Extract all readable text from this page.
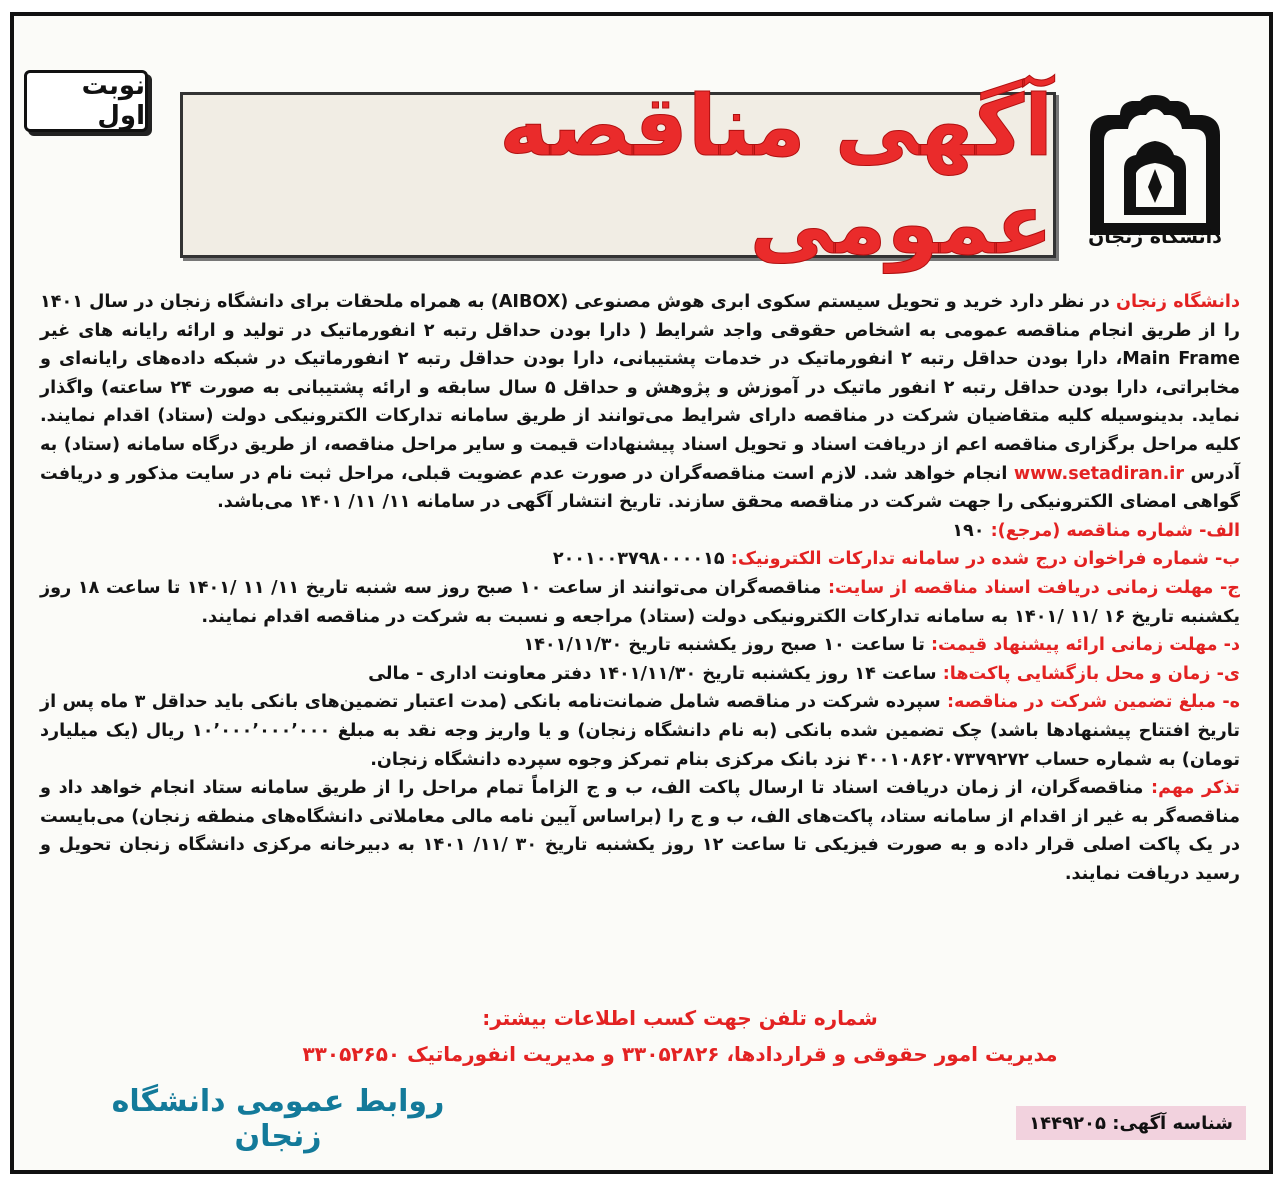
نوبت اول	آگهی مناقصه عمومی	دانشگاه زنجان

دانشگاه زنجان در نظر دارد خرید و تحویل سیستم سکوی ابری هوش مصنوعی (AIBOX) به همراه ملحقات برای دانشگاه زنجان در سال ۱۴۰۱ را از طریق انجام مناقصه عمومی به اشخاص حقوقی واجد شرایط ( دارا بودن حداقل رتبه ۲ انفورماتیک در تولید و ارائه رایانه های غیر Main Frame، دارا بودن حداقل رتبه ۲ انفورماتیک در خدمات پشتیبانی، دارا بودن حداقل رتبه ۲ انفورماتیک در شبکه داده‌های رایانه‌ای و مخابراتی، دارا بودن حداقل رتبه ۲ انفور ماتیک در آموزش و پژوهش و حداقل ۵ سال سابقه و ارائه پشتیبانی به صورت ۲۴ ساعته) واگذار نماید. بدینوسیله کلیه متقاضیان شرکت در مناقصه دارای شرایط می‌توانند از طریق سامانه تدارکات الکترونیکی دولت (ستاد) اقدام نمایند. کلیه مراحل برگزاری مناقصه اعم از دریافت اسناد و تحویل اسناد پیشنهادات قیمت و سایر مراحل مناقصه، از طریق درگاه سامانه (ستاد) به آدرس www.setadiran.ir انجام خواهد شد. لازم است مناقصه‌گران در صورت عدم عضویت قبلی، مراحل ثبت نام در سایت مذکور و دریافت گواهی امضای الکترونیکی را جهت شرکت در مناقصه محقق سازند. تاریخ انتشار آگهی در سامانه ۱۱/ ۱۱/ ۱۴۰۱ می‌باشد.

الف- شماره مناقصه (مرجع): ۱۹۰

ب- شماره فراخوان درج شده در سامانه تدارکات الکترونیک: ۲۰۰۱۰۰۳۷۹۸۰۰۰۰۱۵

ج- مهلت زمانی دریافت اسناد مناقصه از سایت: مناقصه‌گران می‌توانند از ساعت ۱۰ صبح روز سه شنبه تاریخ ۱۱/ ۱۱ /۱۴۰۱ تا ساعت ۱۸ روز یکشنبه تاریخ ۱۶ /۱۱ /۱۴۰۱ به سامانه تدارکات الکترونیکی دولت (ستاد) مراجعه و نسبت به شرکت در مناقصه اقدام نمایند.

د- مهلت زمانی ارائه پیشنهاد قیمت: تا ساعت ۱۰ صبح روز یکشنبه تاریخ ۱۴۰۱/۱۱/۳۰

ی- زمان و محل بازگشایی پاکت‌ها: ساعت ۱۴ روز یکشنبه تاریخ ۱۴۰۱/۱۱/۳۰ دفتر معاونت اداری - مالی

ه- مبلغ تضمین شرکت در مناقصه: سپرده شرکت در مناقصه شامل ضمانت‌نامه بانکی (مدت اعتبار تضمین‌های بانکی باید حداقل ۳ ماه پس از تاریخ افتتاح پیشنهادها باشد) چک تضمین شده بانکی (به نام دانشگاه زنجان) و یا واریز وجه نقد به مبلغ ۱۰٬۰۰۰٬۰۰۰٬۰۰۰ ریال (یک میلیارد تومان) به شماره حساب ۴۰۰۱۰۸۶۲۰۷۳۷۹۲۷۲ نزد بانک مرکزی بنام تمرکز وجوه سپرده دانشگاه زنجان.

تذکر مهم: مناقصه‌گران، از زمان دریافت اسناد تا ارسال پاکت الف، ب و ج الزاماً تمام مراحل را از طریق سامانه ستاد انجام خواهد داد و مناقصه‌گر به غیر از اقدام از سامانه ستاد، پاکت‌های الف، ب و ج را (براساس آیین نامه مالی معاملاتی دانشگاه‌های منطقه زنجان) می‌بایست در یک پاکت اصلی قرار داده و به صورت فیزیکی تا ساعت ۱۲ روز یکشنبه تاریخ ۳۰ /۱۱/ ۱۴۰۱ به دبیرخانه مرکزی دانشگاه زنجان تحویل و رسید دریافت نمایند.

شماره تلفن جهت کسب اطلاعات بیشتر:
مدیریت امور حقوقی و قراردادها، ۳۳۰۵۲۸۲۶ و مدیریت انفورماتیک ۳۳۰۵۲۶۵۰
روابط عمومی دانشگاه زنجان	شناسه آگهی: ۱۴۴۹۲۰۵
